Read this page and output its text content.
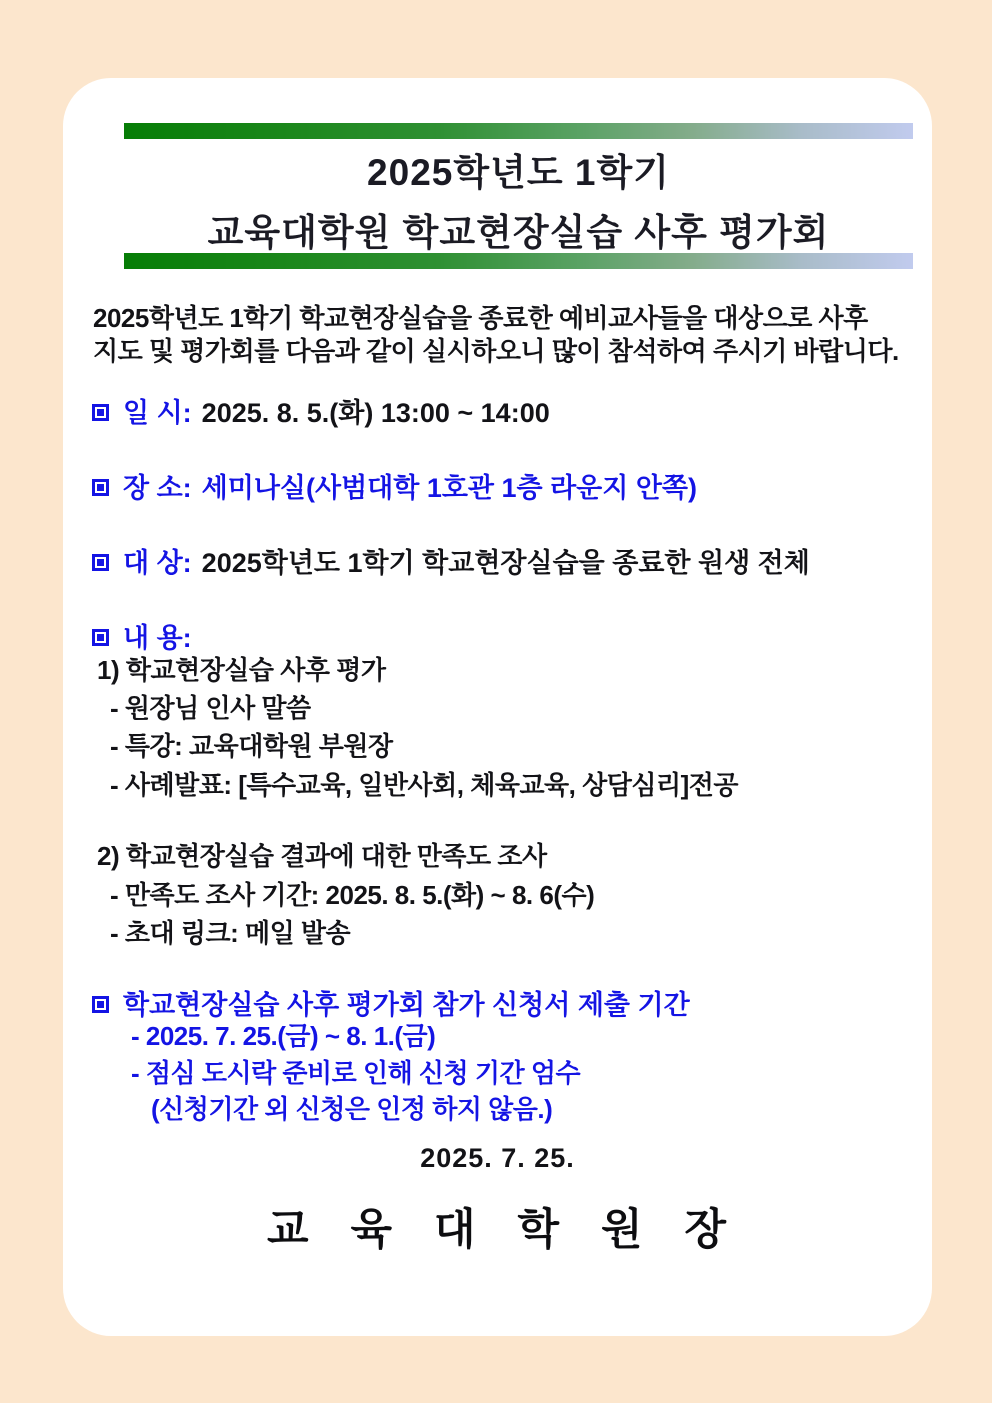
2025학년도 1학기
교육대학원 학교현장실습 사후 평가회
2025학년도 1학기 학교현장실습을 종료한 예비교사들을 대상으로 사후
지도 및 평가회를 다음과 같이 실시하오니 많이 참석하여 주시기 바랍니다.
일 시: 2025. 8. 5.(화) 13:00 ~ 14:00
장 소: 세미나실(사범대학 1호관 1층 라운지 안쪽)
대 상: 2025학년도 1학기 학교현장실습을 종료한 원생 전체
내 용:
1) 학교현장실습 사후 평가
- 원장님 인사 말씀
- 특강: 교육대학원 부원장
- 사례발표: [특수교육, 일반사회, 체육교육, 상담심리]전공
2) 학교현장실습 결과에 대한 만족도 조사
- 만족도 조사 기간: 2025. 8. 5.(화) ~ 8. 6(수)
- 초대 링크: 메일 발송
학교현장실습 사후 평가회 참가 신청서 제출 기간
- 2025. 7. 25.(금) ~ 8. 1.(금)
- 점심 도시락 준비로 인해 신청 기간 엄수
(신청기간 외 신청은 인정 하지 않음.)
2025. 7. 25.
교 육 대 학 원 장
